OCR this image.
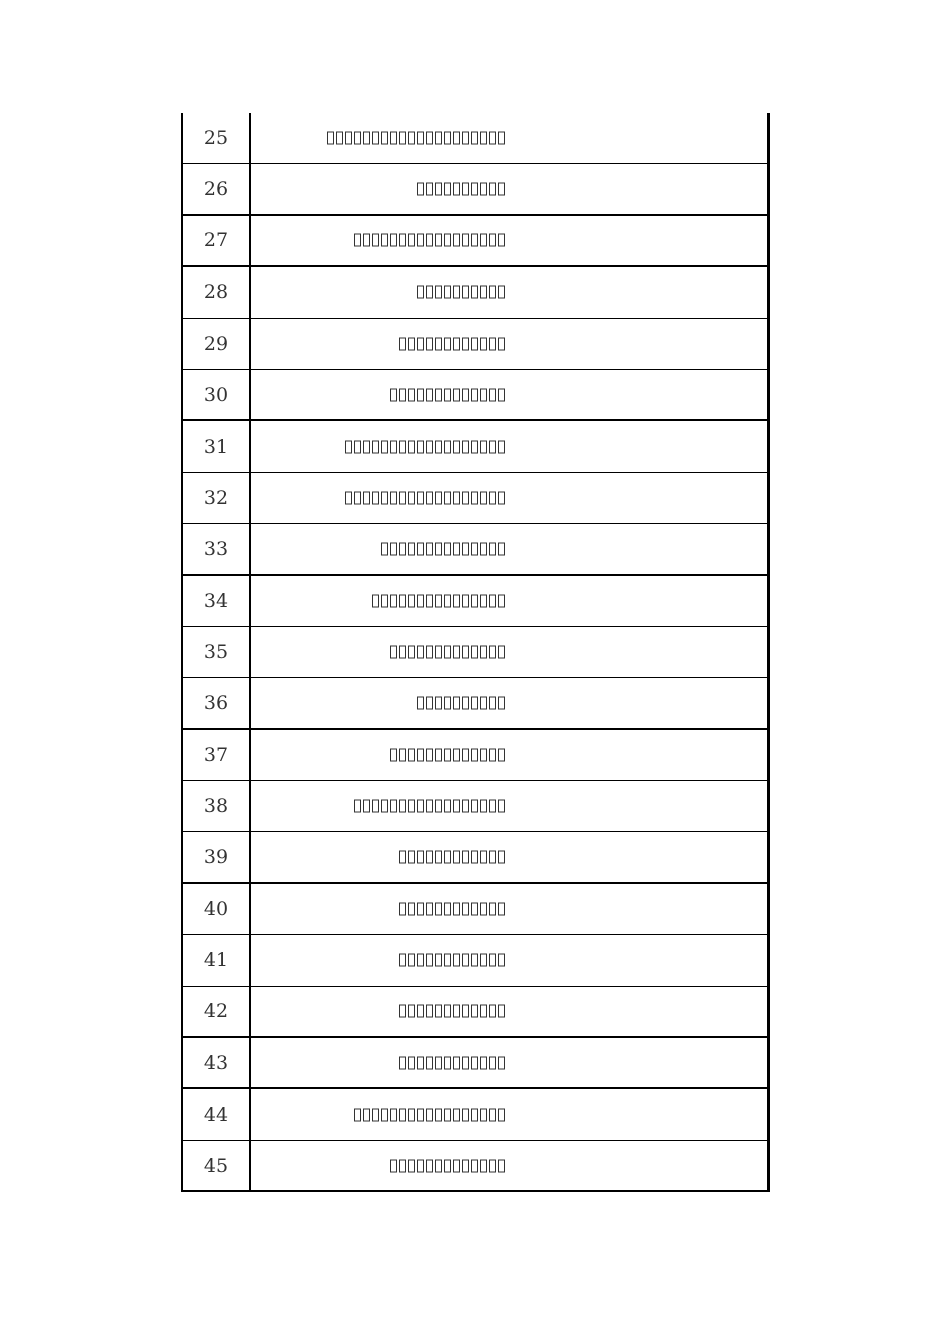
25
26
27
28
29
30
31
32
33
34
35
36
37
38
39
40
41
42
43
44
45
